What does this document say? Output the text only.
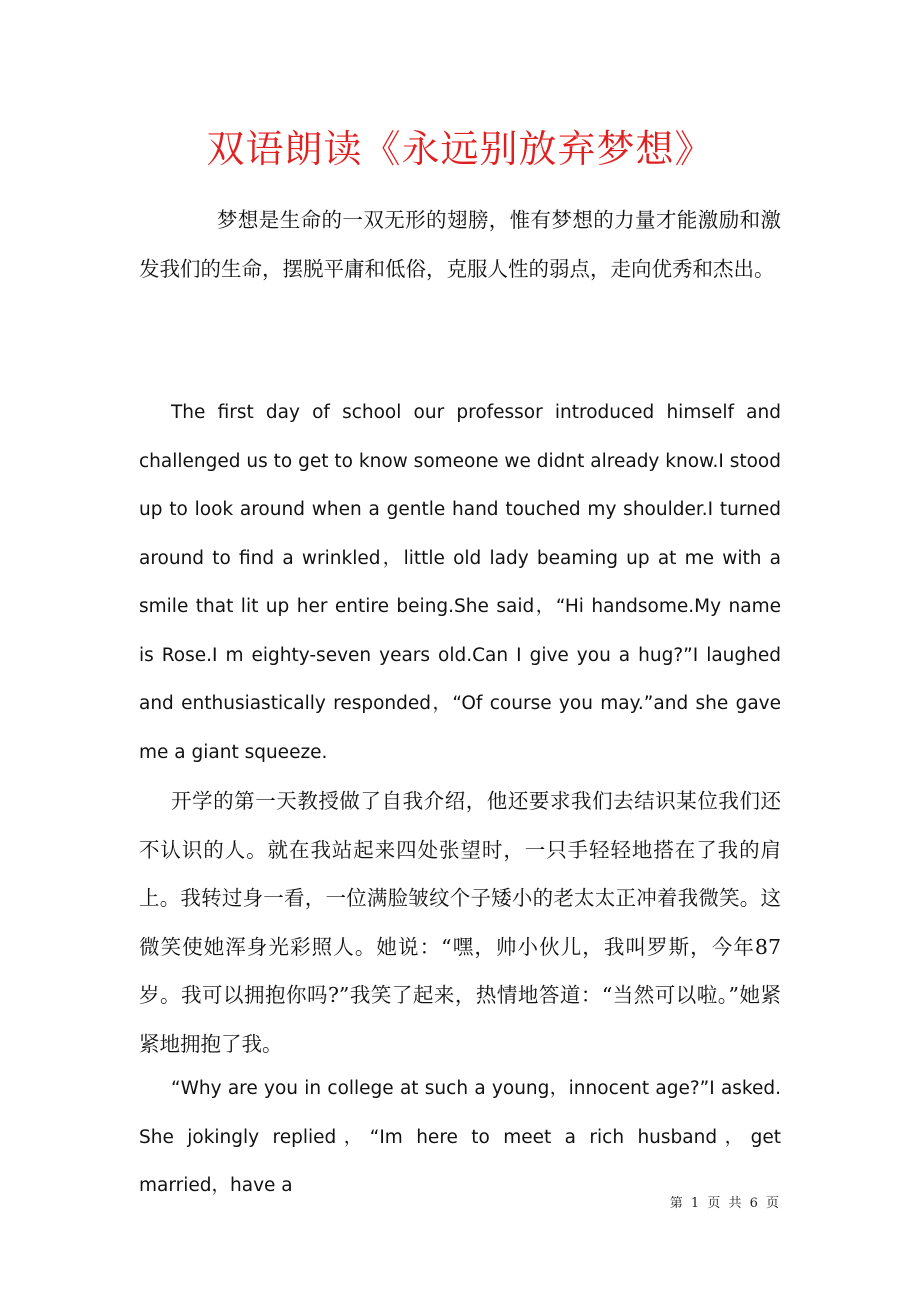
双语朗读《永远别放弃梦想》
梦想是生命的一双无形的翅膀，惟有梦想的力量才能激励和激发我们的生命，摆脱平庸和低俗，克服人性的弱点，走向优秀和杰出。
The first day of school our professor introduced himself and challenged us to get to know someone we didnt already know.I stood up to look around when a gentle hand touched my shoulder.I turned around to find a wrinkled，little old lady beaming up at me with a smile that lit up her entire being.She said，“Hi handsome.My name is Rose.I m eighty-seven years old.Can I give you a hug?”I laughed and enthusiastically responded，“Of course you may.”and she gave me a giant squeeze.
开学的第一天教授做了自我介绍，他还要求我们去结识某位我们还不认识的人。就在我站起来四处张望时，一只手轻轻地搭在了我的肩上。我转过身一看，一位满脸皱纹个子矮小的老太太正冲着我微笑。这微笑使她浑身光彩照人。她说：“嘿，帅小伙儿，我叫罗斯，今年87岁。我可以拥抱你吗?”我笑了起来，热情地答道：“当然可以啦。”她紧紧地拥抱了我。
“Why are you in college at such a young，innocent age?”I asked. She jokingly replied，“Im here to meet a rich husband，get married，have a
第 1 页 共 6 页
